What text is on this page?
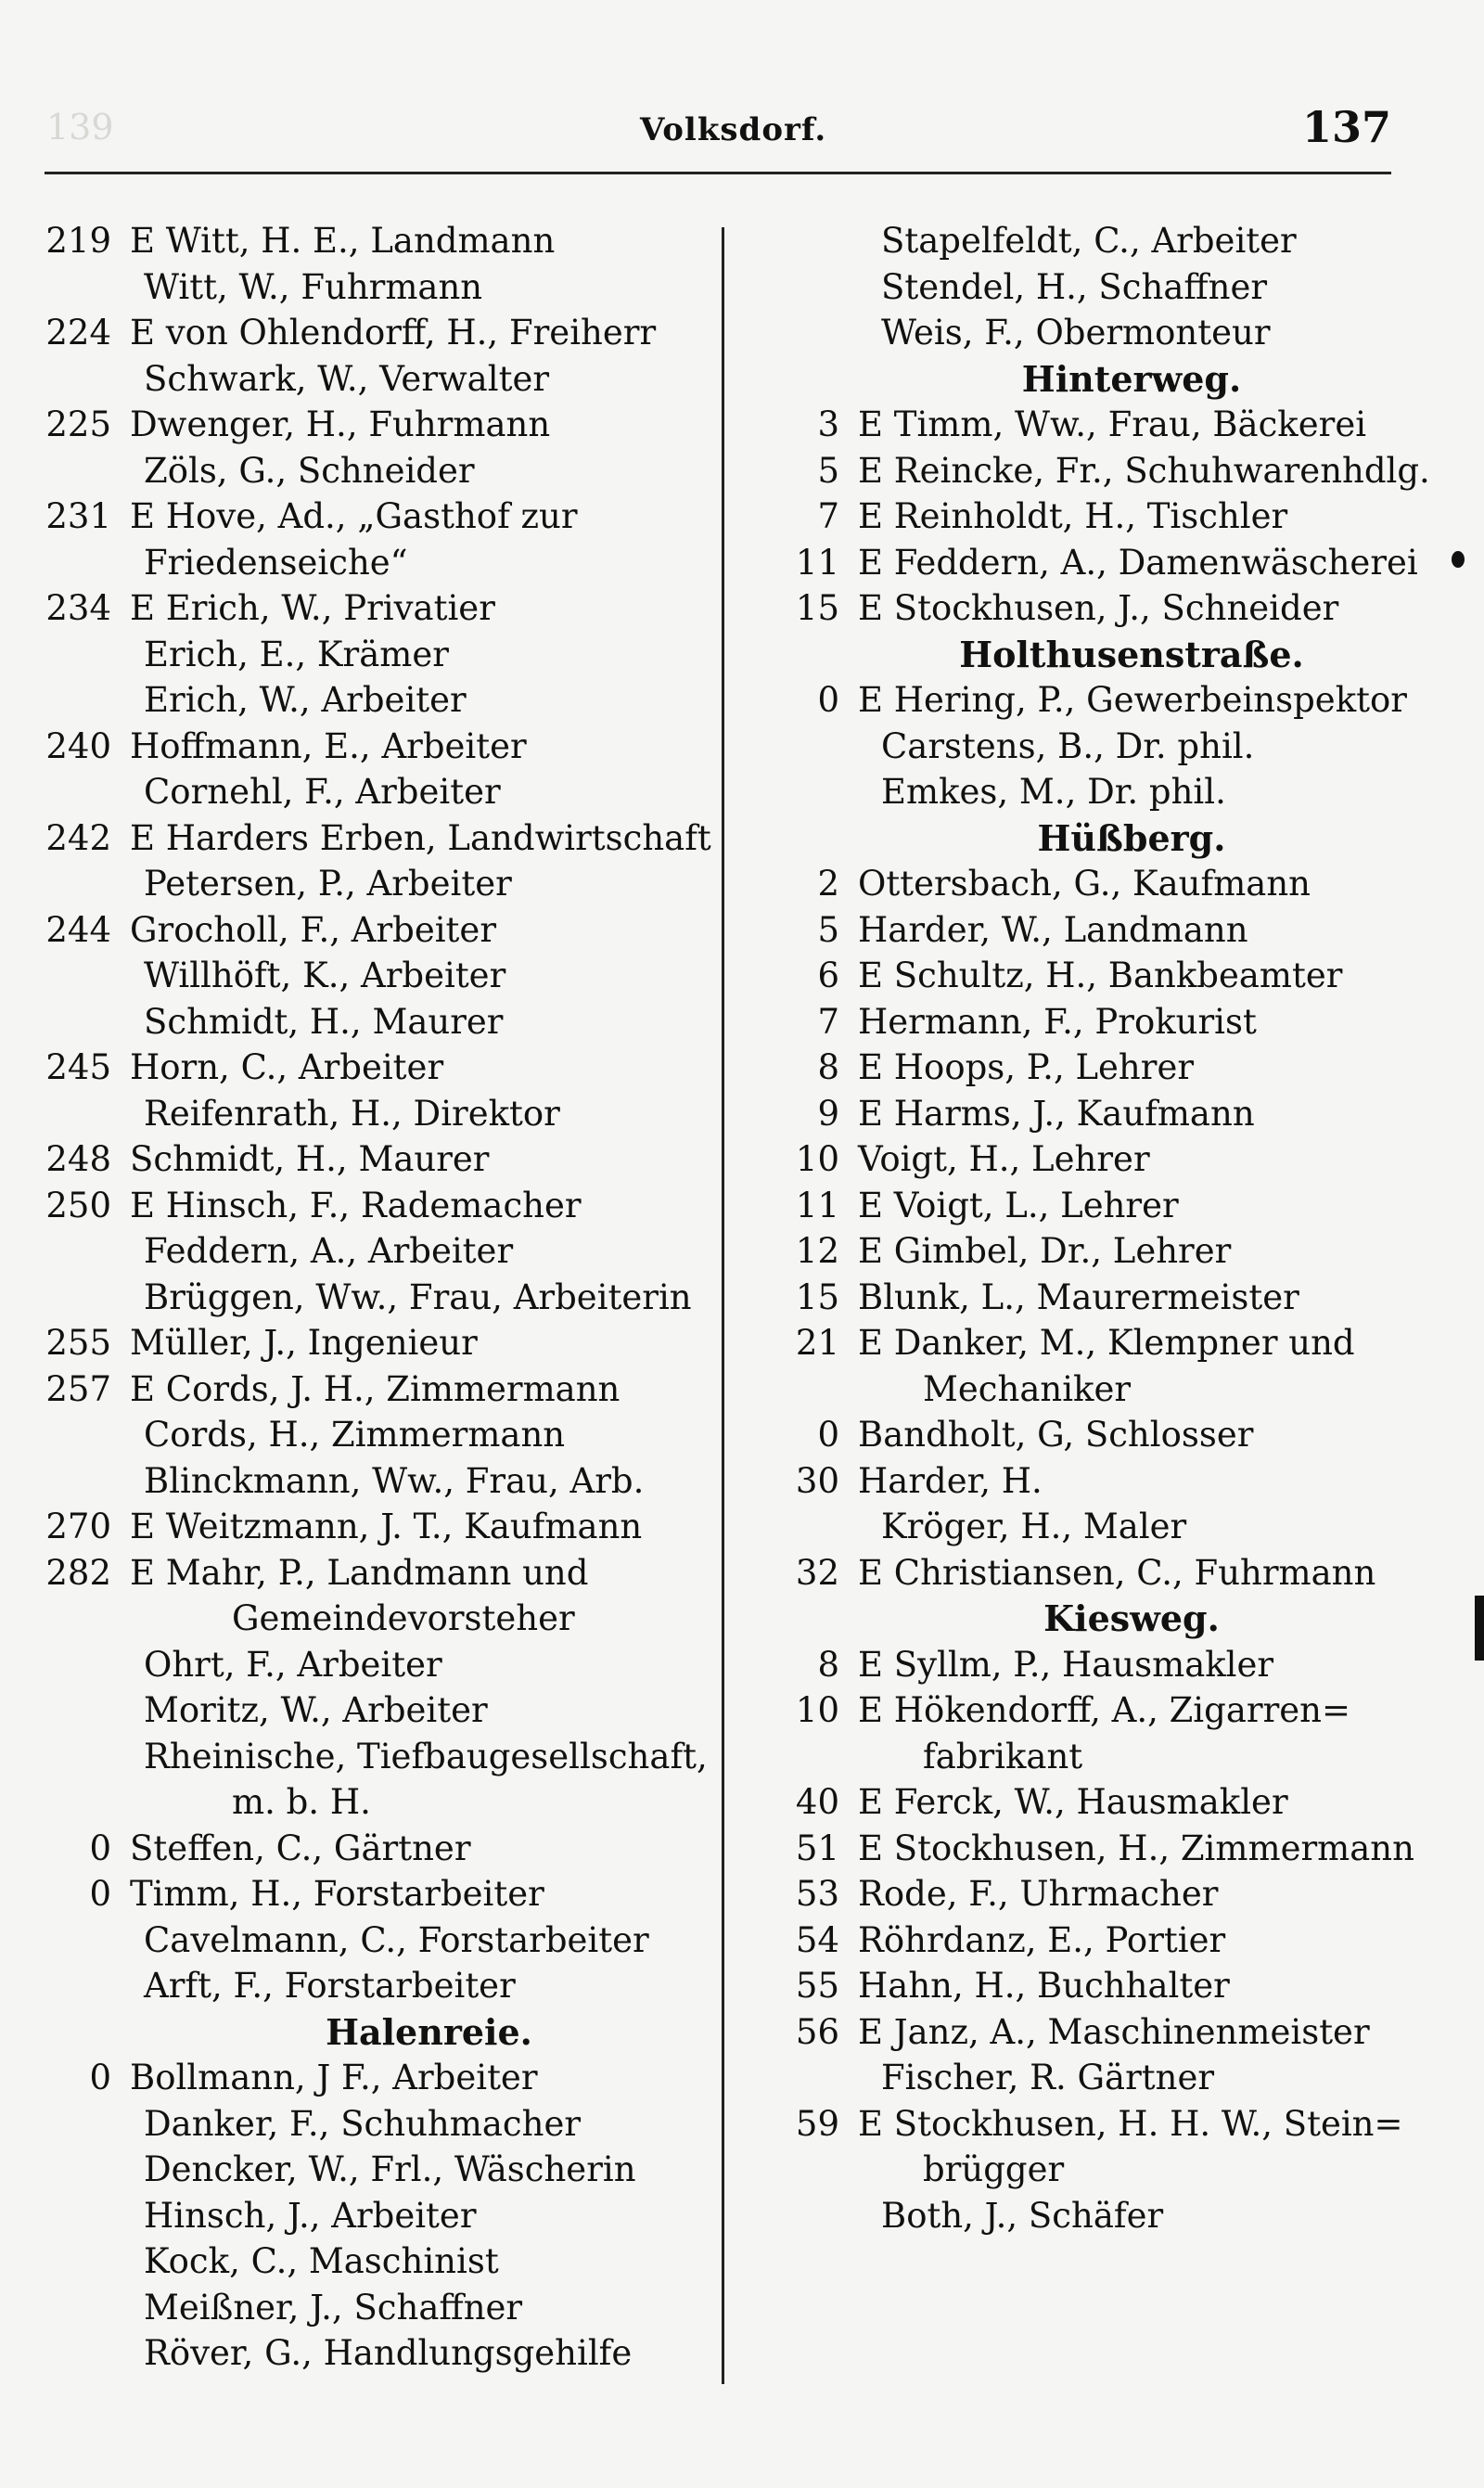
139	Volksdorf.	137
219 E Witt, H. E., Landmann
Witt, W., Fuhrmann
224 E von Ohlendorff, H., Freiherr
Schwark, W., Verwalter
225 Dwenger, H., Fuhrmann
Zöls, G., Schneider
231 E Hove, Ad., „Gasthof zur
Friedenseiche“
234 E Erich, W., Privatier
Erich, E., Krämer
Erich, W., Arbeiter
240 Hoffmann, E., Arbeiter
Cornehl, F., Arbeiter
242 E Harders Erben, Landwirtschaft
Petersen, P., Arbeiter
244 Grocholl, F., Arbeiter
Willhöft, K., Arbeiter
Schmidt, H., Maurer
245 Horn, C., Arbeiter
Reifenrath, H., Direktor
248 Schmidt, H., Maurer
250 E Hinsch, F., Rademacher
Feddern, A., Arbeiter
Brüggen, Ww., Frau, Arbeiterin
255 Müller, J., Ingenieur
257 E Cords, J. H., Zimmermann
Cords, H., Zimmermann
Blinckmann, Ww., Frau, Arb.
270 E Weitzmann, J. T., Kaufmann
282 E Mahr, P., Landmann und
Gemeindevorsteher
Ohrt, F., Arbeiter
Moritz, W., Arbeiter
Rheinische, Tiefbaugesellschaft,
m. b. H.
0 Steffen, C., Gärtner
0 Timm, H., Forstarbeiter
Cavelmann, C., Forstarbeiter
Arft, F., Forstarbeiter
Halenreie.
0 Bollmann, J F., Arbeiter
Danker, F., Schuhmacher
Dencker, W., Frl., Wäscherin
Hinsch, J., Arbeiter
Kock, C., Maschinist
Meißner, J., Schaffner
Röver, G., Handlungsgehilfe
Stapelfeldt, C., Arbeiter
Stendel, H., Schaffner
Weis, F., Obermonteur
Hinterweg.
3 E Timm, Ww., Frau, Bäckerei
5 E Reincke, Fr., Schuhwarenhdlg.
7 E Reinholdt, H., Tischler
11 E Feddern, A., Damenwäscherei
15 E Stockhusen, J., Schneider
Holthusenstraße.
0 E Hering, P., Gewerbeinspektor
Carstens, B., Dr. phil.
Emkes, M., Dr. phil.
Hüßberg.
2 Ottersbach, G., Kaufmann
5 Harder, W., Landmann
6 E Schultz, H., Bankbeamter
7 Hermann, F., Prokurist
8 E Hoops, P., Lehrer
9 E Harms, J., Kaufmann
10 Voigt, H., Lehrer
11 E Voigt, L., Lehrer
12 E Gimbel, Dr., Lehrer
15 Blunk, L., Maurermeister
21 E Danker, M., Klempner und
Mechaniker
0 Bandholt, G, Schlosser
30 Harder, H.
Kröger, H., Maler
32 E Christiansen, C., Fuhrmann
Kiesweg.
8 E Syllm, P., Hausmakler
10 E Hökendorff, A., Zigarren=
fabrikant
40 E Ferck, W., Hausmakler
51 E Stockhusen, H., Zimmermann
53 Rode, F., Uhrmacher
54 Röhrdanz, E., Portier
55 Hahn, H., Buchhalter
56 E Janz, A., Maschinenmeister
Fischer, R. Gärtner
59 E Stockhusen, H. H. W., Stein=
brügger
Both, J., Schäfer
